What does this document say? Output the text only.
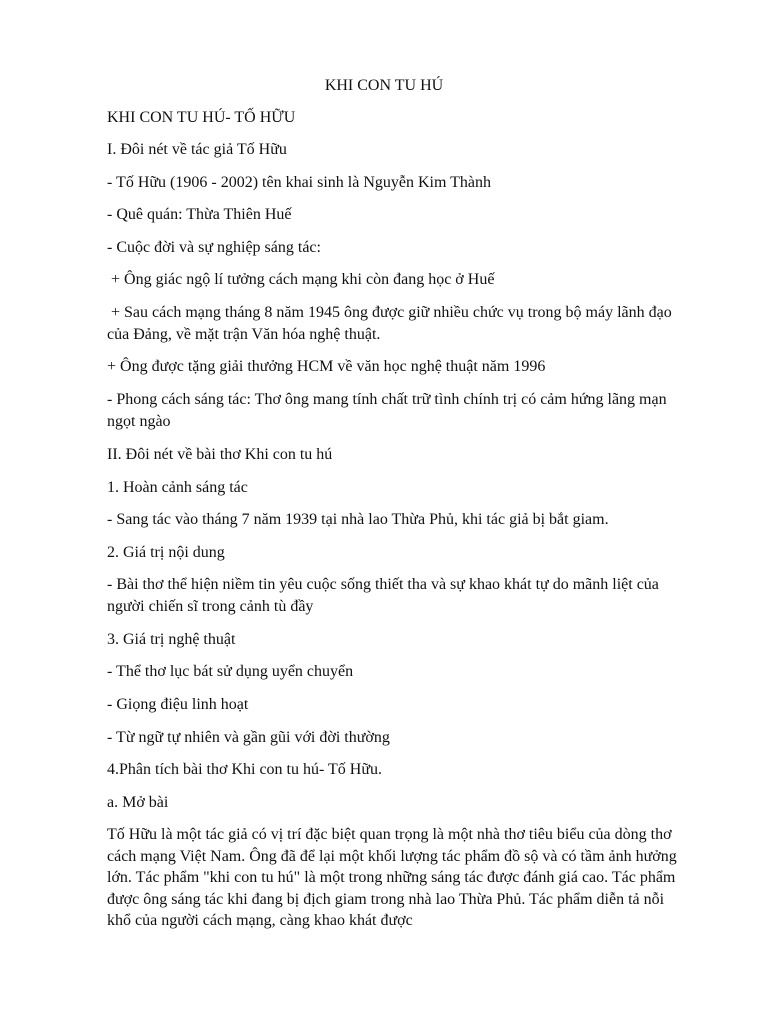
KHI CON TU HÚ

KHI CON TU HÚ- TỐ HỮU

I. Đôi nét về tác giả Tố Hữu

- Tố Hữu (1906 - 2002) tên khai sinh là Nguyễn Kim Thành

- Quê quán: Thừa Thiên Huế

- Cuộc đời và sự nghiệp sáng tác:

+ Ông giác ngộ lí tưởng cách mạng khi còn đang học ở Huế

+ Sau cách mạng tháng 8 năm 1945 ông được giữ nhiều chức vụ trong bộ máy lãnh đạo của Đảng, về mặt trận Văn hóa nghệ thuật.

+ Ông được tặng giải thưởng HCM về văn học nghệ thuật năm 1996

- Phong cách sáng tác: Thơ ông mang tính chất trữ tình chính trị có cảm hứng lãng mạn ngọt ngào

II. Đôi nét về bài thơ Khi con tu hú

1. Hoàn cảnh sáng tác

- Sang tác vào tháng 7 năm 1939 tại nhà lao Thừa Phủ, khi tác giả bị bắt giam.

2. Giá trị nội dung

- Bài thơ thể hiện niềm tin yêu cuộc sống thiết tha và sự khao khát tự do mãnh liệt của người chiến sĩ trong cảnh tù đầy

3. Giá trị nghệ thuật

- Thể thơ lục bát sử dụng uyển chuyển

- Giọng điệu linh hoạt

- Từ ngữ tự nhiên và gần gũi với đời thường

4.Phân tích bài thơ Khi con tu hú- Tố Hữu.

a. Mở bài

Tố Hữu là một tác giả có vị trí đặc biệt quan trọng là một nhà thơ tiêu biểu của dòng thơ cách mạng Việt Nam. Ông đã để lại một khối lượng tác phẩm đồ sộ và có tầm ảnh hưởng lớn. Tác phẩm "khi con tu hú" là một trong những sáng tác được đánh giá cao. Tác phẩm được ông sáng tác khi đang bị địch giam trong nhà lao Thừa Phủ. Tác phẩm diễn tả nỗi khổ của người cách mạng, càng khao khát được
